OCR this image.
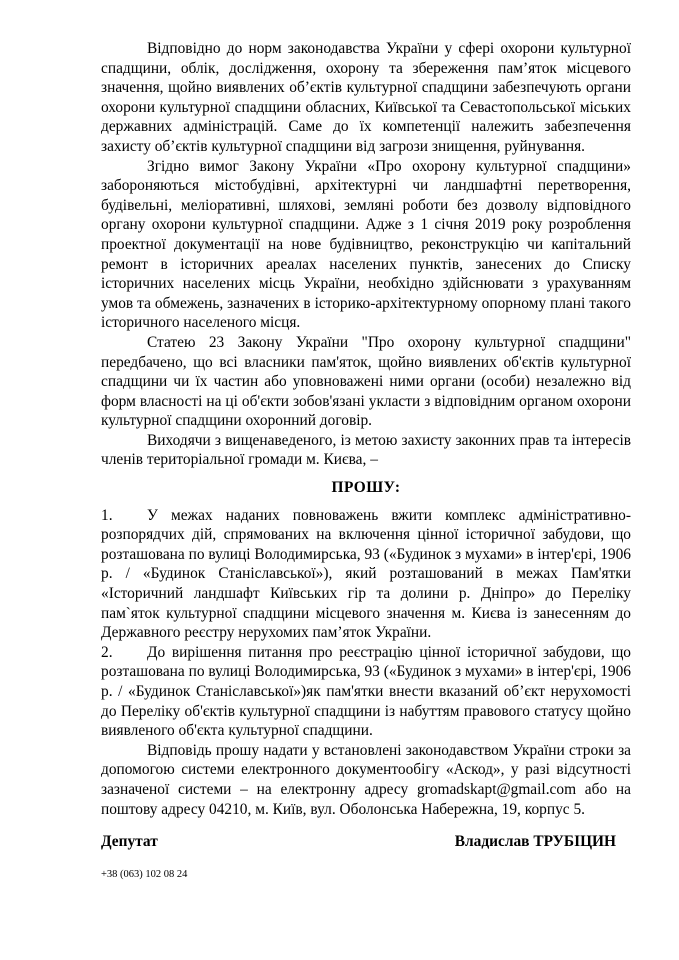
Відповідно до норм законодавства України у сфері охорони культурної спадщини, облік, дослідження, охорону та збереження пам’яток місцевого значення, щойно виявлених об’єктів культурної спадщини забезпечують органи охорони культурної спадщини обласних, Київської та Севастопольської міських державних адміністрацій. Саме до їх компетенції належить забезпечення захисту об’єктів культурної спадщини від загрози знищення, руйнування.

Згідно вимог Закону України «Про охорону культурної спадщини» забороняються містобудівні, архітектурні чи ландшафтні перетворення, будівельні, меліоративні, шляхові, земляні роботи без дозволу відповідного органу охорони культурної спадщини. Адже з 1 січня 2019 року розроблення проектної документації на нове будівництво, реконструкцію чи капітальний ремонт в історичних ареалах населених пунктів, занесених до Списку історичних населених місць України, необхідно здійснювати з урахуванням умов та обмежень, зазначених в історико-архітектурному опорному плані такого історичного населеного місця.

Статею 23 Закону України "Про охорону культурної спадщини" передбачено, що всі власники пам'яток, щойно виявлених об'єктів культурної спадщини чи їх частин або уповноважені ними органи (особи) незалежно від форм власності на ці об'єкти зобов'язані укласти з відповідним органом охорони культурної спадщини охоронний договір.

Виходячи з вищенаведеного, із метою захисту законних прав та інтересів членів територіальної громади м. Києва, –

ПРОШУ:

1. У межах наданих повноважень вжити комплекс адміністративно-розпорядчих дій, спрямованих на включення цінної історичної забудови, що розташована по вулиці Володимирська, 93 («Будинок з мухами» в інтер'єрі, 1906 р. / «Будинок Станіславської»), який розташований в межах Пам'ятки «Історичний ландшафт Київських гір та долини р. Дніпро» до Переліку пам`яток культурної спадщини місцевого значення м. Києва із занесенням до Державного реєстру нерухомих пам’яток України.

2. До вирішення питання про реєстрацію цінної історичної забудови, що розташована по вулиці Володимирська, 93 («Будинок з мухами» в інтер'єрі, 1906 р. / «Будинок Станіславської»)як пам'ятки внести вказаний об’єкт нерухомості до Переліку об'єктів культурної спадщини із набуттям правового статусу щойно виявленого об'єкта культурної спадщини.

Відповідь прошу надати у встановлені законодавством України строки за допомогою системи електронного документообігу «Аскод», у разі відсутності зазначеної системи – на електронну адресу gromadskapt@gmail.com або на поштову адресу 04210, м. Київ, вул. Оболонська Набережна, 19, корпус 5.

Депутат	Владислав ТРУБІЦИН
+38 (063) 102 08 24
